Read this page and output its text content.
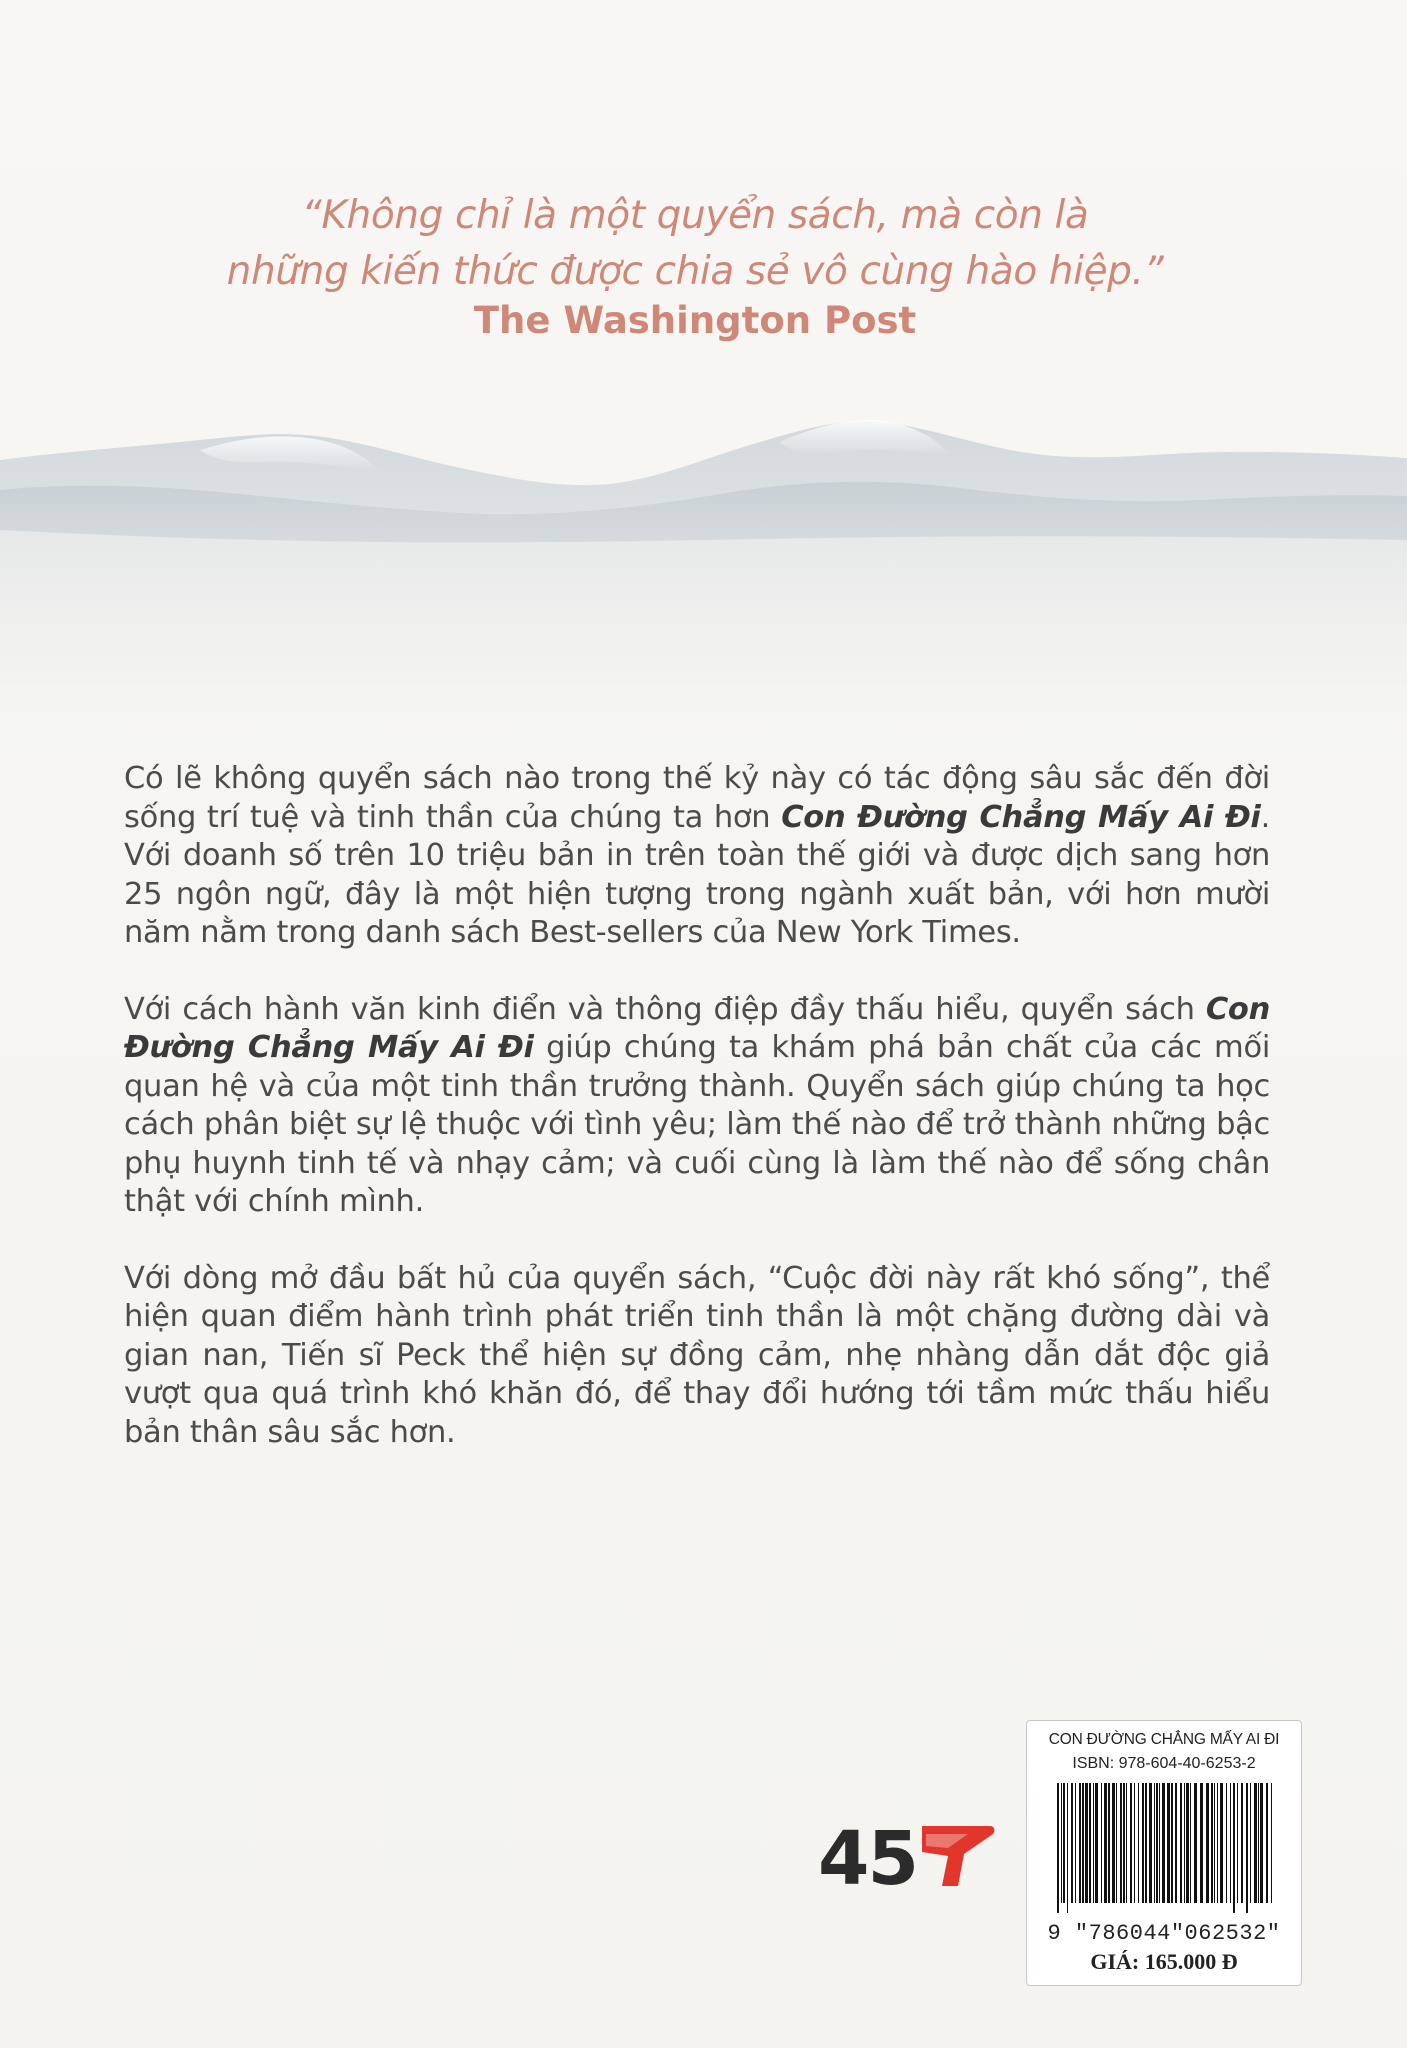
“Không chỉ là một quyển sách, mà còn là
những kiến thức được chia sẻ vô cùng hào hiệp.”
The Washington Post

Có lẽ không quyển sách nào trong thế kỷ này có tác động sâu sắc đến đời sống trí tuệ và tinh thần của chúng ta hơn Con Đường Chẳng Mấy Ai Đi. Với doanh số trên 10 triệu bản in trên toàn thế giới và được dịch sang hơn 25 ngôn ngữ, đây là một hiện tượng trong ngành xuất bản, với hơn mười năm nằm trong danh sách Best-sellers của New York Times.

Với cách hành văn kinh điển và thông điệp đầy thấu hiểu, quyển sách Con Đường Chẳng Mấy Ai Đi giúp chúng ta khám phá bản chất của các mối quan hệ và của một tinh thần trưởng thành. Quyển sách giúp chúng ta học cách phân biệt sự lệ thuộc với tình yêu; làm thế nào để trở thành những bậc phụ huynh tinh tế và nhạy cảm; và cuối cùng là làm thế nào để sống chân thật với chính mình.

Với dòng mở đầu bất hủ của quyển sách, “Cuộc đời này rất khó sống”, thể hiện quan điểm hành trình phát triển tinh thần là một chặng đường dài và gian nan, Tiến sĩ Peck thể hiện sự đồng cảm, nhẹ nhàng dẫn dắt độc giả vượt qua quá trình khó khăn đó, để thay đổi hướng tới tầm mức thấu hiểu bản thân sâu sắc hơn.

45
CON ĐƯỜNG CHẲNG MẤY AI ĐI
ISBN: 978-604-40-6253-2
9 "786044"062532"
GIÁ: 165.000 Đ
